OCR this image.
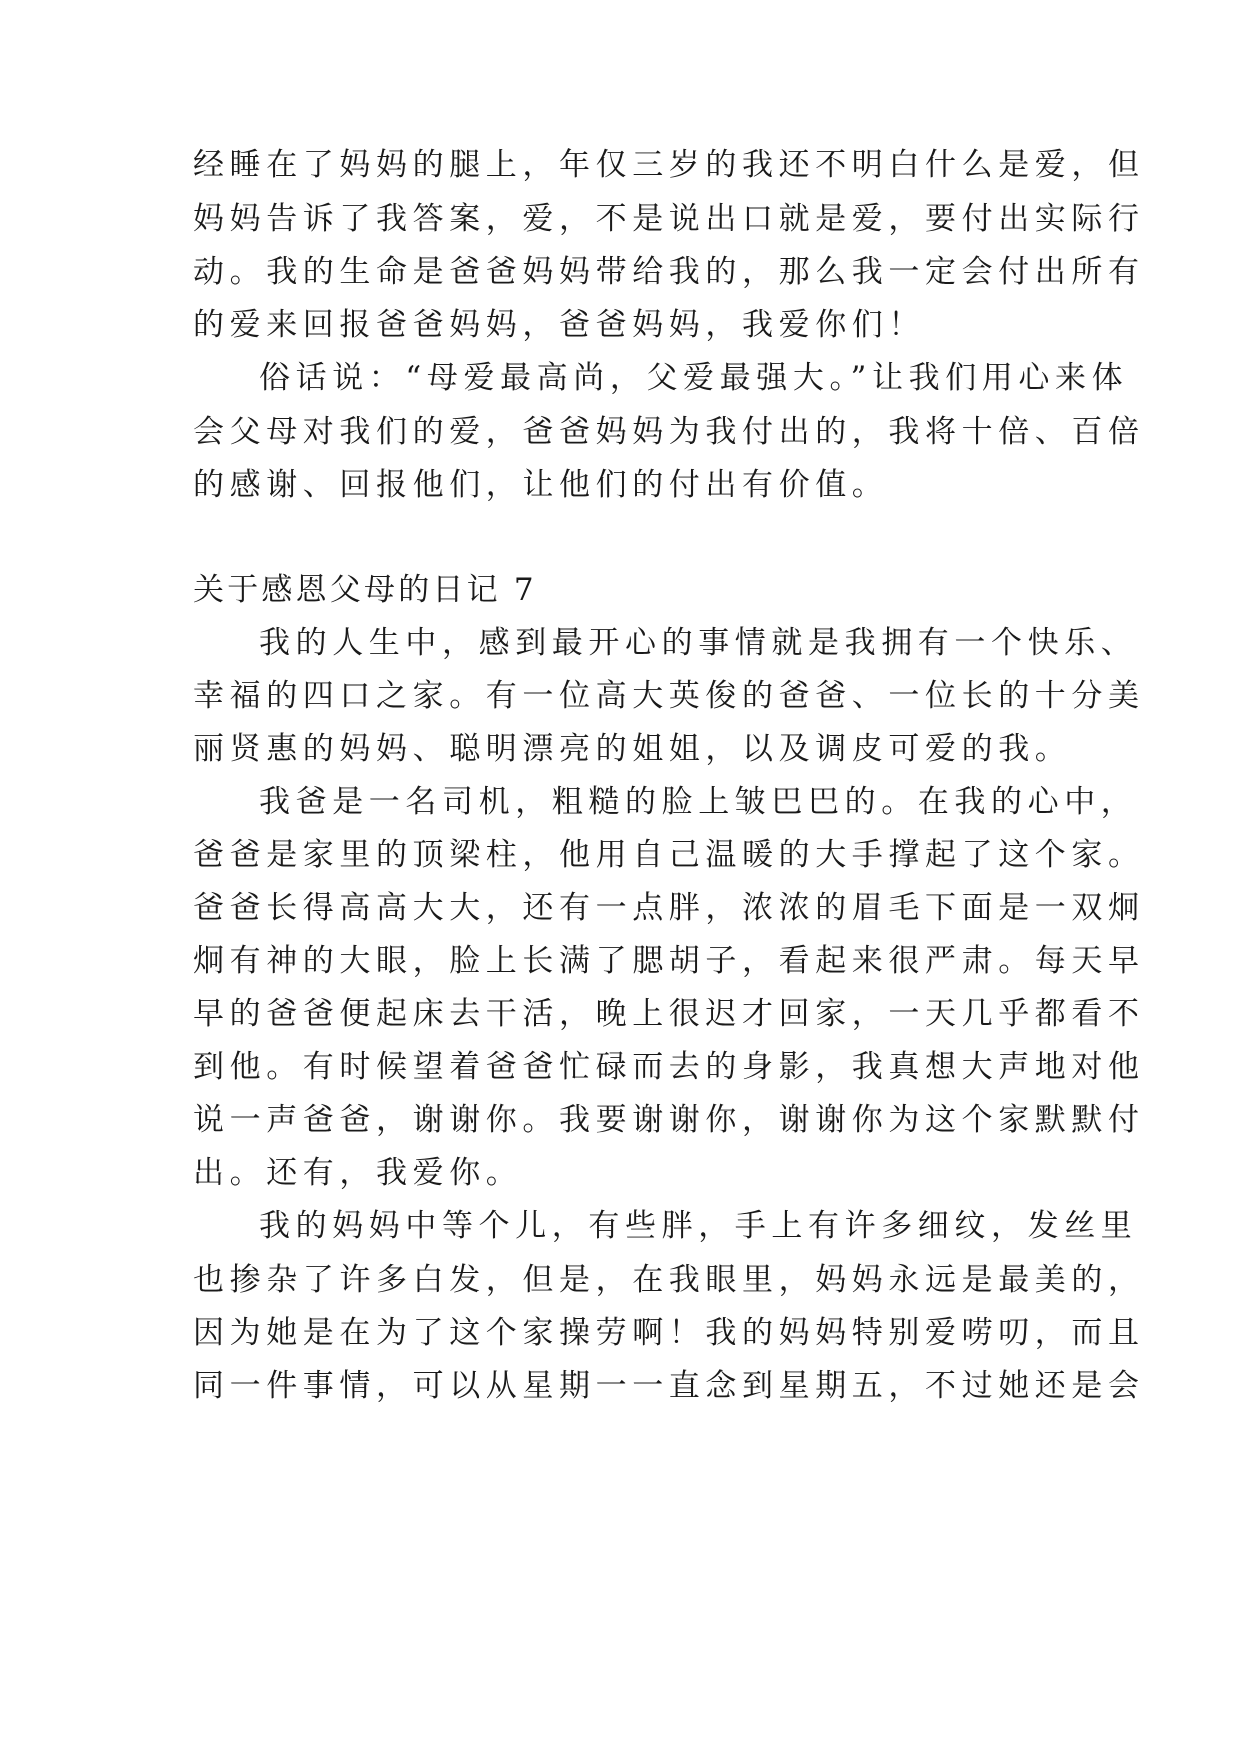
经睡在了妈妈的腿上，年仅三岁的我还不明白什么是爱，但
妈妈告诉了我答案，爱，不是说出口就是爱，要付出实际行
动。我的生命是爸爸妈妈带给我的，那么我一定会付出所有
的爱来回报爸爸妈妈，爸爸妈妈，我爱你们！
俗话说：“母爱最高尚，父爱最强大。”让我们用心来体
会父母对我们的爱，爸爸妈妈为我付出的，我将十倍、百倍
的感谢、回报他们，让他们的付出有价值。
关于感恩父母的日记 7
我的人生中，感到最开心的事情就是我拥有一个快乐、
幸福的四口之家。有一位高大英俊的爸爸、一位长的十分美
丽贤惠的妈妈、聪明漂亮的姐姐，以及调皮可爱的我。
我爸是一名司机，粗糙的脸上皱巴巴的。在我的心中，
爸爸是家里的顶梁柱，他用自己温暖的大手撑起了这个家。
爸爸长得高高大大，还有一点胖，浓浓的眉毛下面是一双炯
炯有神的大眼，脸上长满了腮胡子，看起来很严肃。每天早
早的爸爸便起床去干活，晚上很迟才回家，一天几乎都看不
到他。有时候望着爸爸忙碌而去的身影，我真想大声地对他
说一声爸爸，谢谢你。我要谢谢你，谢谢你为这个家默默付
出。还有，我爱你。
我的妈妈中等个儿，有些胖，手上有许多细纹，发丝里
也掺杂了许多白发，但是，在我眼里，妈妈永远是最美的，
因为她是在为了这个家操劳啊！我的妈妈特别爱唠叨，而且
同一件事情，可以从星期一一直念到星期五，不过她还是会
